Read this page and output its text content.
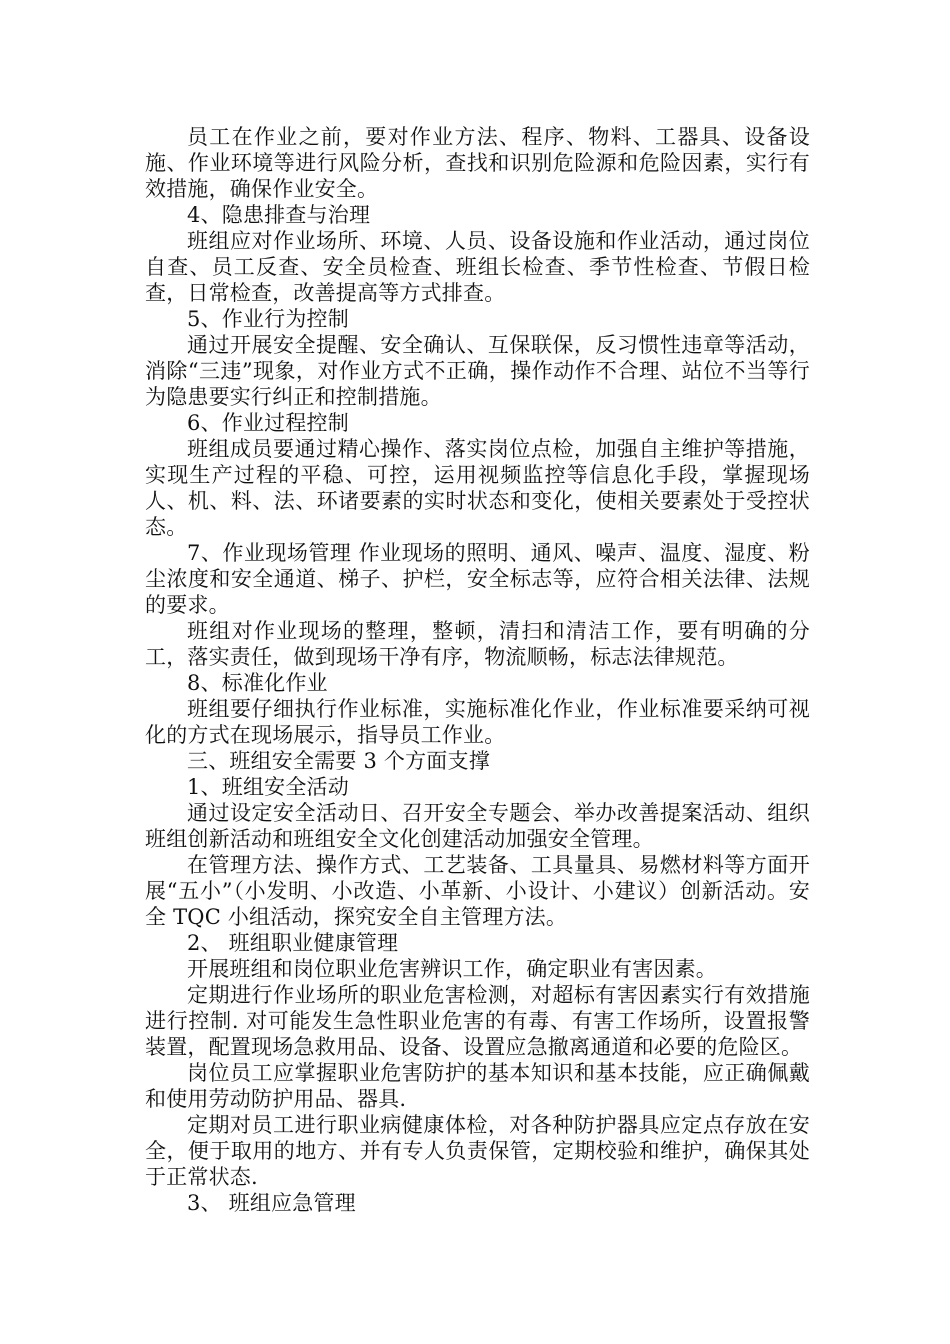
员工在作业之前，要对作业方法、程序、物料、工器具、设备设施、作业环境等进行风险分析，查找和识别危险源和危险因素，实行有效措施，确保作业安全。

4、隐患排查与治理

班组应对作业场所、环境、人员、设备设施和作业活动，通过岗位自查、员工反查、安全员检查、班组长检查、季节性检查、节假日检查，日常检查，改善提高等方式排查。

5、作业行为控制

通过开展安全提醒、安全确认、互保联保，反习惯性违章等活动，消除“三违”现象，对作业方式不正确，操作动作不合理、站位不当等行为隐患要实行纠正和控制措施。

6、作业过程控制

班组成员要通过精心操作、落实岗位点检，加强自主维护等措施，实现生产过程的平稳、可控，运用视频监控等信息化手段，掌握现场人、机、料、法、环诸要素的实时状态和变化，使相关要素处于受控状态。

7、作业现场管理 作业现场的照明、通风、噪声、温度、湿度、粉尘浓度和安全通道、梯子、护栏，安全标志等，应符合相关法律、法规的要求。

班组对作业现场的整理，整顿，清扫和清洁工作，要有明确的分工，落实责任，做到现场干净有序，物流顺畅，标志法律规范。

8、标准化作业

班组要仔细执行作业标准，实施标准化作业，作业标准要采纳可视化的方式在现场展示，指导员工作业。

三、班组安全需要 3 个方面支撑

1、班组安全活动

通过设定安全活动日、召开安全专题会、举办改善提案活动、组织班组创新活动和班组安全文化创建活动加强安全管理。

在管理方法、操作方式、工艺装备、工具量具、易燃材料等方面开展“五小”（小发明、小改造、小革新、小设计、小建议）创新活动。安全 TQC 小组活动，探究安全自主管理方法。

2、 班组职业健康管理

开展班组和岗位职业危害辨识工作，确定职业有害因素。

定期进行作业场所的职业危害检测，对超标有害因素实行有效措施进行控制. 对可能发生急性职业危害的有毒、有害工作场所，设置报警装置，配置现场急救用品、设备、设置应急撤离通道和必要的危险区。

岗位员工应掌握职业危害防护的基本知识和基本技能，应正确佩戴和使用劳动防护用品、器具.

定期对员工进行职业病健康体检，对各种防护器具应定点存放在安全，便于取用的地方、并有专人负责保管，定期校验和维护，确保其处于正常状态.

3、 班组应急管理
